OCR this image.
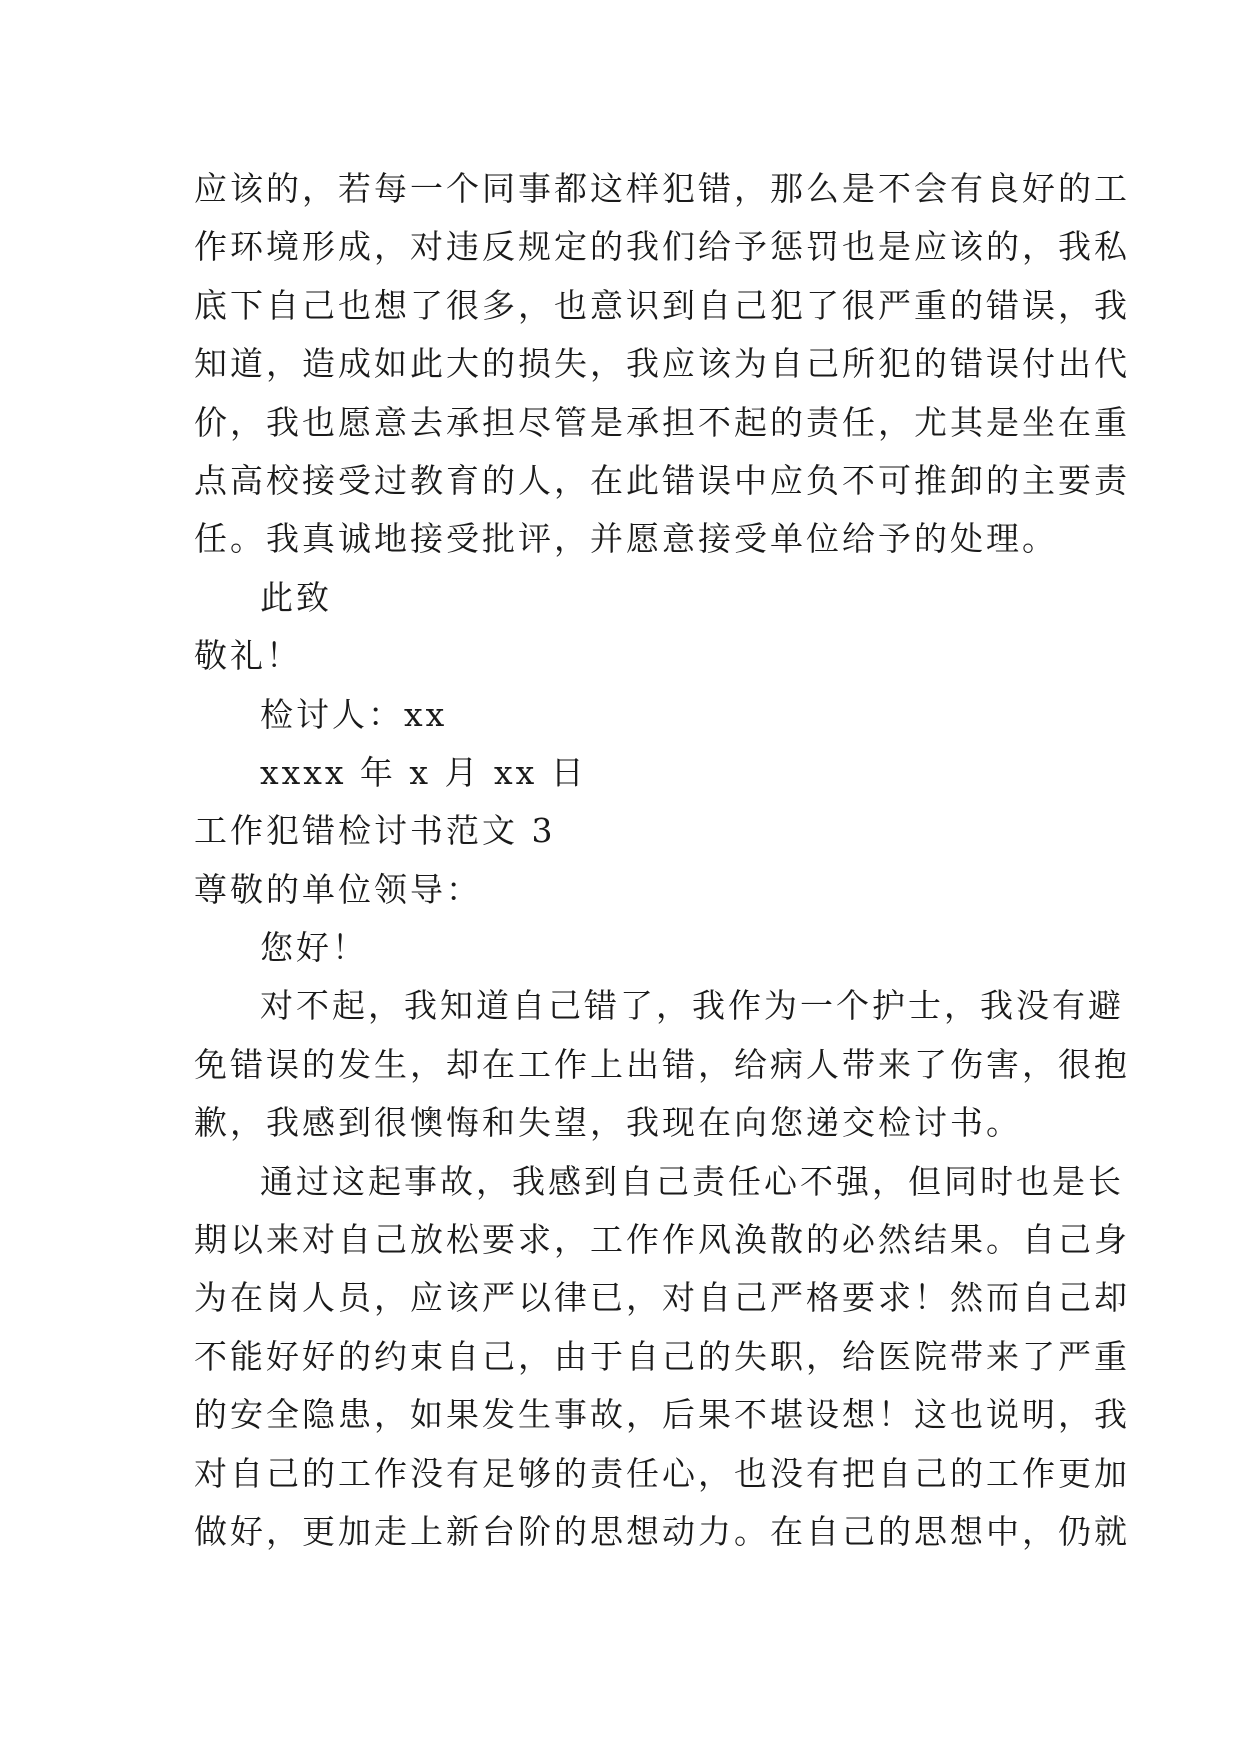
应该的，若每一个同事都这样犯错，那么是不会有良好的工
作环境形成，对违反规定的我们给予惩罚也是应该的，我私
底下自己也想了很多，也意识到自己犯了很严重的错误，我
知道，造成如此大的损失，我应该为自己所犯的错误付出代
价，我也愿意去承担尽管是承担不起的责任，尤其是坐在重
点高校接受过教育的人，在此错误中应负不可推卸的主要责
任。我真诚地接受批评，并愿意接受单位给予的处理。
此致
敬礼！
检讨人：xx
xxxx 年 x 月 xx 日
工作犯错检讨书范文 3
尊敬的单位领导：
您好！
对不起，我知道自己错了，我作为一个护士，我没有避
免错误的发生，却在工作上出错，给病人带来了伤害，很抱
歉，我感到很懊悔和失望，我现在向您递交检讨书。
通过这起事故，我感到自己责任心不强，但同时也是长
期以来对自己放松要求，工作作风涣散的必然结果。自己身
为在岗人员，应该严以律已，对自己严格要求！然而自己却
不能好好的约束自己，由于自己的失职，给医院带来了严重
的安全隐患，如果发生事故，后果不堪设想！这也说明，我
对自己的工作没有足够的责任心，也没有把自己的工作更加
做好，更加走上新台阶的思想动力。在自己的思想中，仍就
